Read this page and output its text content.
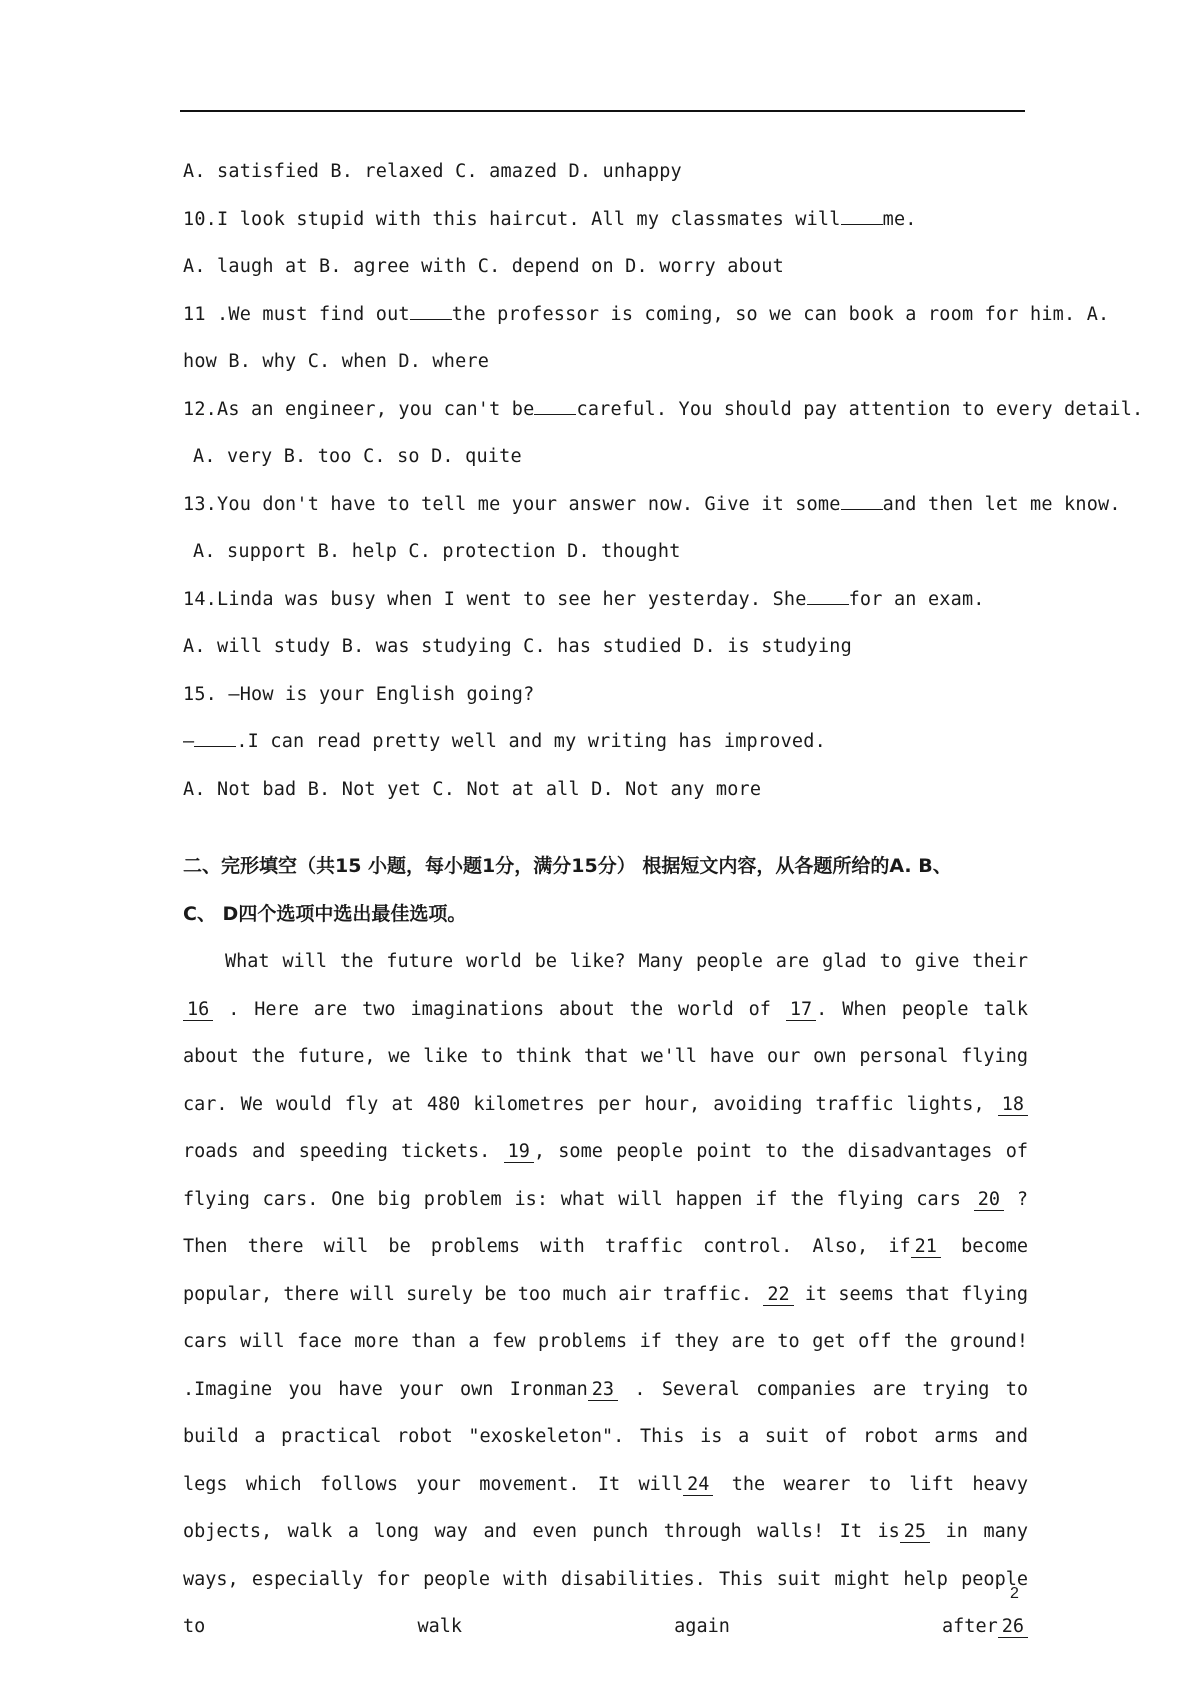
A. satisfied B. relaxed C. amazed D. unhappy
10.I look stupid with this haircut. All my classmates will me.
A. laugh at B. agree with C. depend on D. worry about
11 .We must find out the professor is coming, so we can book a room for him. A.
how B. why C. when D. where
12.As an engineer, you can't be careful. You should pay attention to every detail.
A. very B. too C. so D. quite
13.You don't have to tell me your answer now. Give it some and then let me know.
A. support B. help C. protection D. thought
14.Linda was busy when I went to see her yesterday. She for an exam.
A. will study B. was studying C. has studied D. is studying
15. —How is your English going?
— .I can read pretty well and my writing has improved.
A. Not bad B. Not yet C. Not at all D. Not any more
二、完形填空（共15 小题，每小题1分，满分15分） 根据短文内容，从各题所给的A. B、
C、 D四个选项中选出最佳选项。
What will the future world be like? Many people are glad to give their 16 . Here are two imaginations about the world of 17 . When people talk about the future, we like to think that we'll have our own personal flying car. We would fly at 480 kilometres per hour, avoiding traffic lights, 18 roads and speeding tickets. 19 , some people point to the disadvantages of flying cars. One big problem is: what will happen if the flying cars 20 ? Then there will be problems with traffic control. Also, if 21 become popular, there will surely be too much air traffic. 22 it seems that flying cars will face more than a few problems if they are to get off the ground! .Imagine you have your own Ironman 23 . Several companies are trying to build a practical robot "exoskeleton". This is a suit of robot arms and legs which follows your movement. It will 24 the wearer to lift heavy objects, walk a long way and even punch through walls! It is 25 in many ways, especially for people with disabilities. This suit might help people to walk again after 26
2
